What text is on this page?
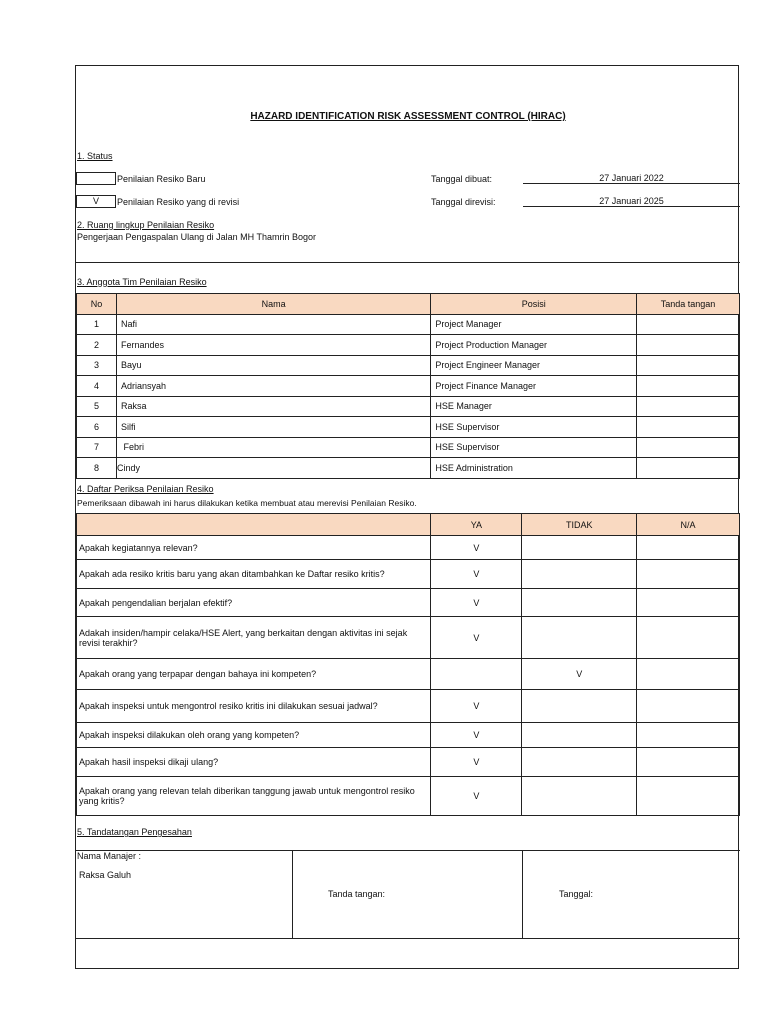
HAZARD IDENTIFICATION RISK ASSESSMENT CONTROL (HIRAC)
1. Status
Penilaian Resiko Baru
V	Penilaian Resiko yang di revisi
Tanggal dibuat:	27 Januari 2022
Tanggal direvisi:	27 Januari 2025
2. Ruang lingkup Penilaian Resiko
Pengerjaan Pengaspalan Ulang di Jalan MH Thamrin Bogor
3. Anggota Tim Penilaian Resiko
No	Nama	Posisi	Tanda tangan
1	Nafi	Project Manager	
2	Fernandes	Project Production Manager	
3	Bayu	Project Engineer Manager	
4	Adriansyah	Project Finance Manager	
5	Raksa	HSE Manager	
6	Silfi	HSE Supervisor	
7	Febri	HSE Supervisor	
8	Cindy	HSE Administration	
4. Daftar Periksa Penilaian Resiko
Pemeriksaan dibawah ini harus dilakukan ketika membuat atau merevisi Penilaian Resiko.
	YA	TIDAK	N/A
Apakah kegiatannya relevan?	V		
Apakah ada resiko kritis baru yang akan ditambahkan ke Daftar resiko kritis?	V		
Apakah pengendalian berjalan efektif?	V		
Adakah insiden/hampir celaka/HSE Alert, yang berkaitan dengan aktivitas ini sejak revisi terakhir?	V		
Apakah orang yang terpapar dengan bahaya ini kompeten?		V	
Apakah inspeksi untuk mengontrol resiko kritis ini dilakukan sesuai jadwal?	V		
Apakah inspeksi dilakukan oleh orang yang kompeten?	V		
Apakah hasil inspeksi dikaji ulang?	V		
Apakah orang yang relevan telah diberikan tanggung jawab untuk mengontrol resiko yang kritis?	V		
5. Tandatangan Pengesahan
Nama Manajer :
Raksa Galuh
Tanda tangan:	Tanggal:
